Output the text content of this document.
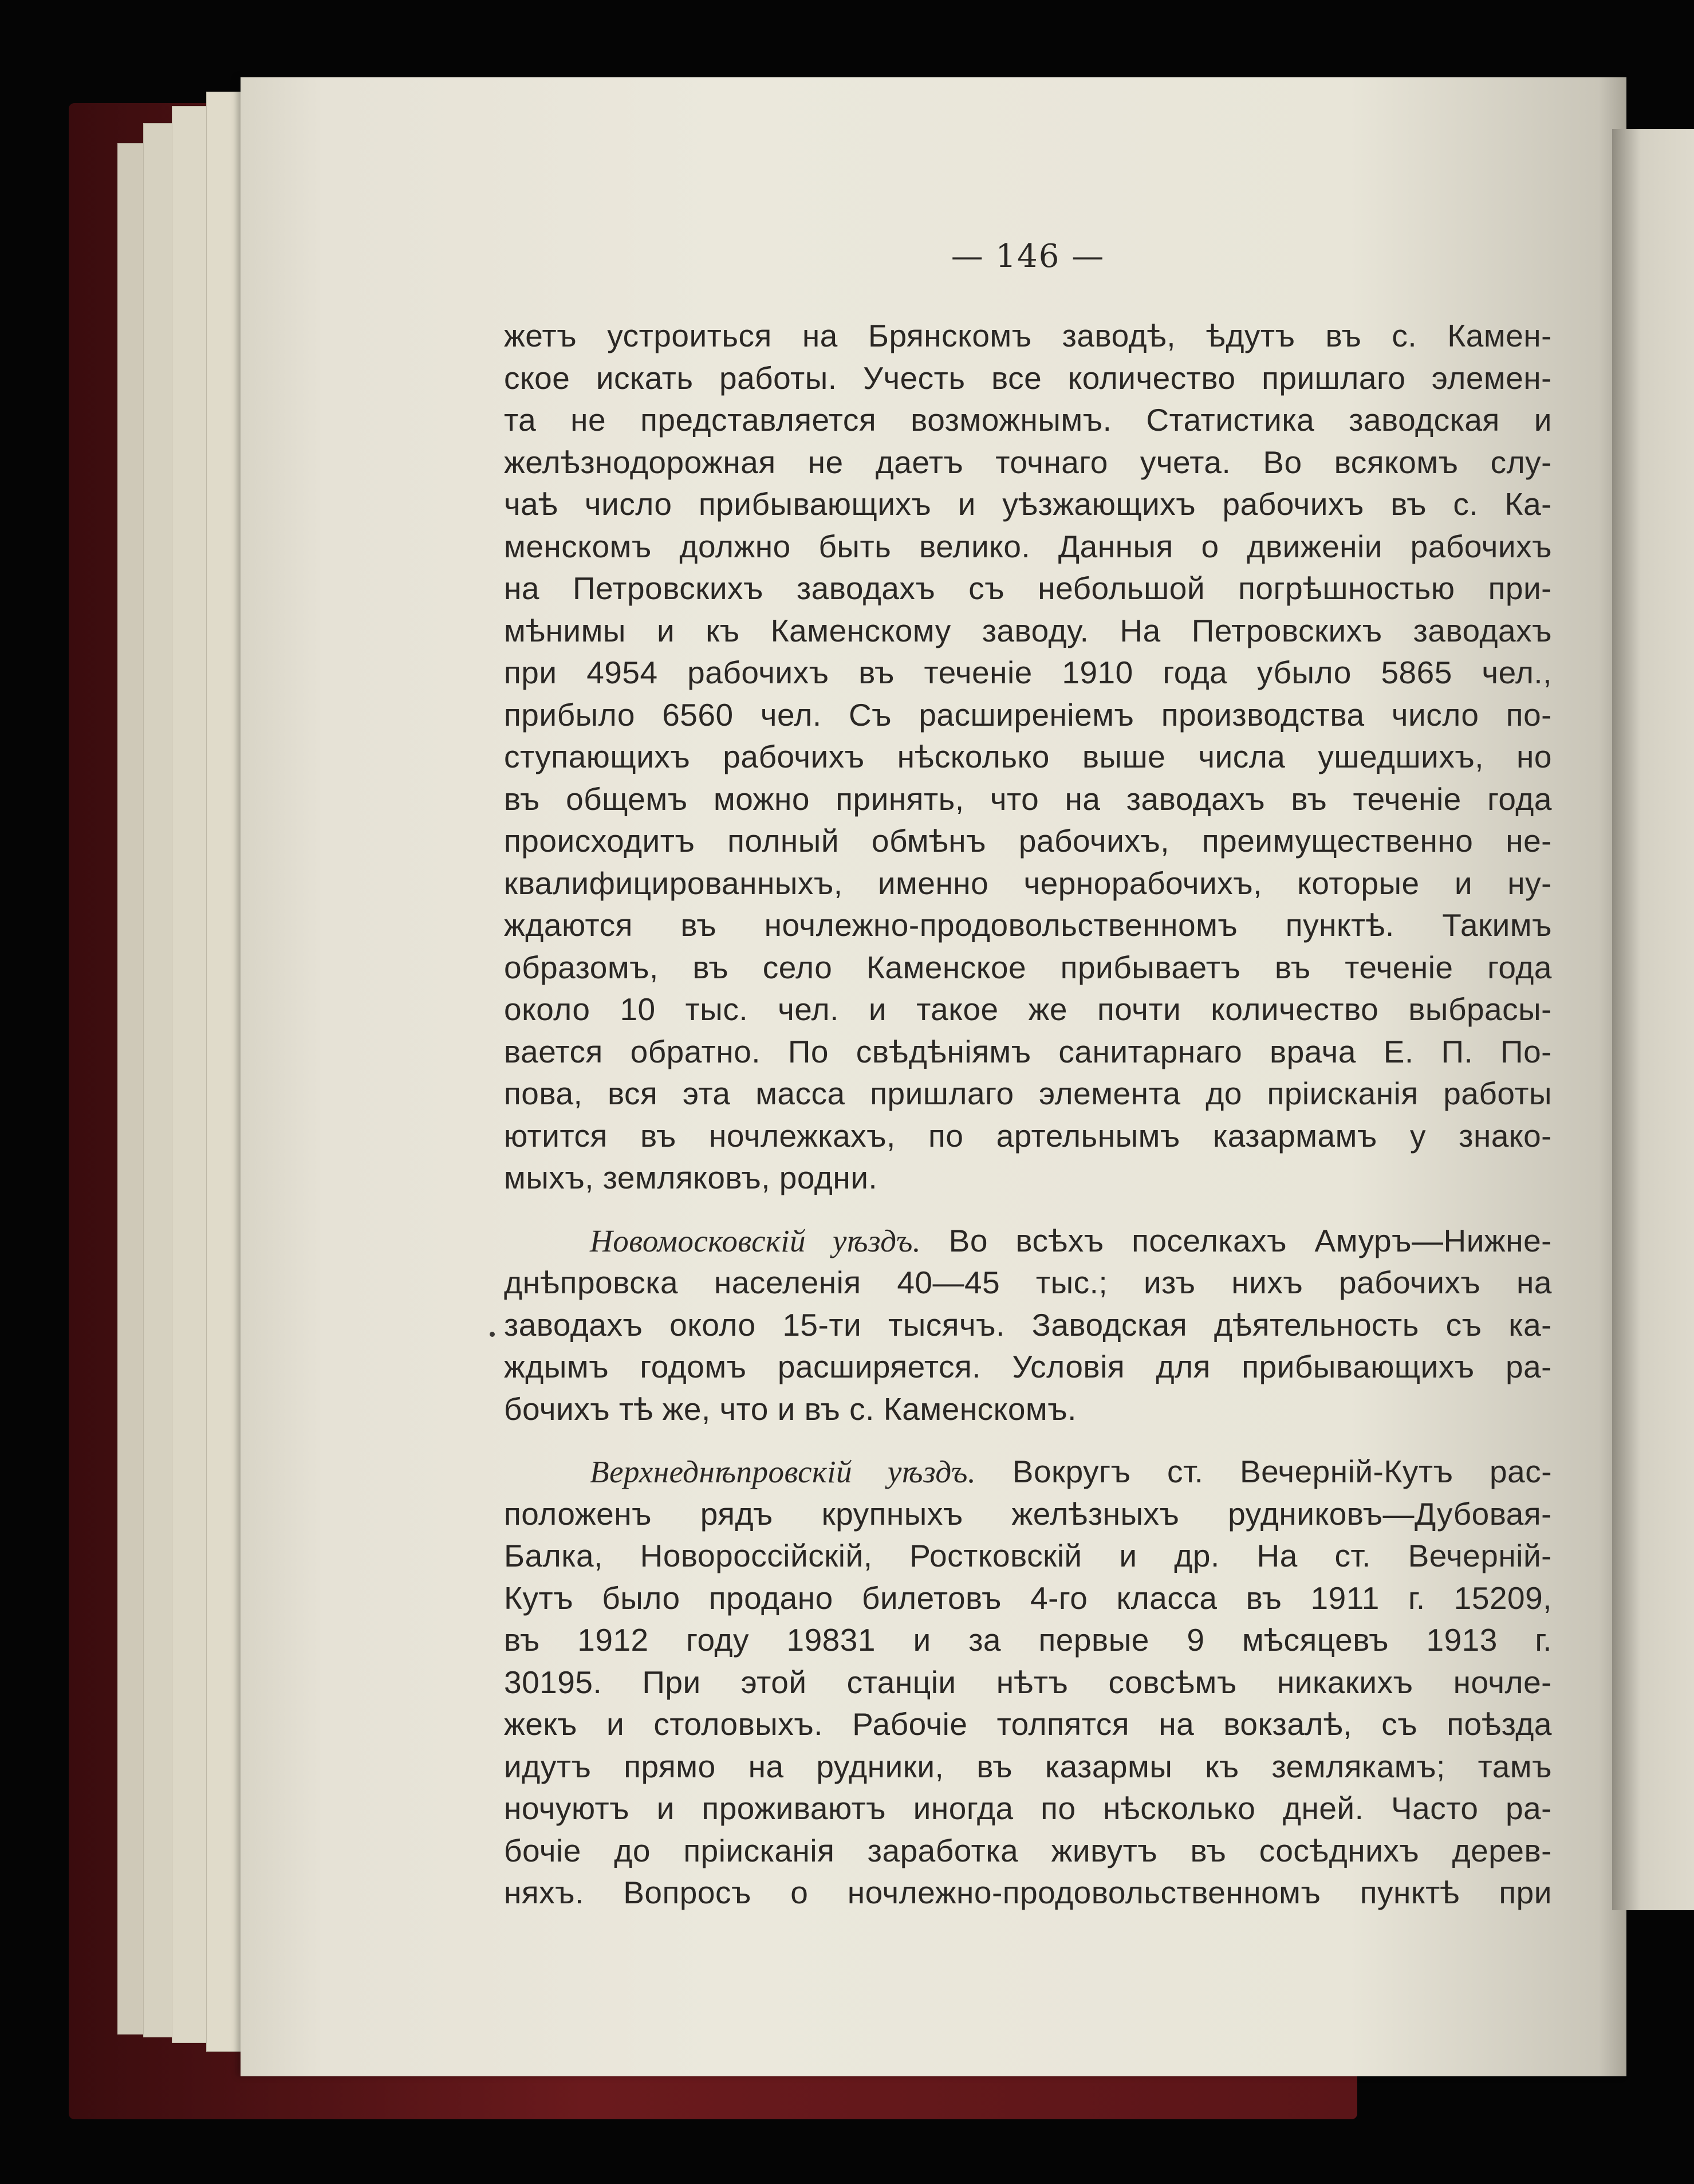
— 146 —
жетъ устроиться на Брянскомъ заводѣ, ѣдутъ въ с. Камен-
ское искать работы. Учесть все количество пришлаго элемен-
та не представляется возможнымъ. Статистика заводская и
желѣзнодорожная не даетъ точнаго учета. Во всякомъ слу-
чаѣ число прибывающихъ и уѣзжающихъ рабочихъ въ с. Ка-
менскомъ должно быть велико. Данныя о движенiи рабочихъ
на Петровскихъ заводахъ съ небольшой погрѣшностью при-
мѣнимы и къ Каменскому заводу. На Петровскихъ заводахъ
при 4954 рабочихъ въ теченіе 1910 года убыло 5865 чел.,
прибыло 6560 чел. Съ расширеніемъ производства число по-
ступающихъ рабочихъ нѣсколько выше числа ушедшихъ, но
въ общемъ можно принять, что на заводахъ въ теченіе года
происходитъ полный обмѣнъ рабочихъ, преимущественно не-
квалифицированныхъ, именно чернорабочихъ, которые и ну-
ждаются въ ночлежно-продовольственномъ пунктѣ. Такимъ
образомъ, въ село Каменское прибываетъ въ теченіе года
около 10 тыс. чел. и такое же почти количество выбрасы-
вается обратно. По свѣдѣніямъ санитарнаго врача Е. П. По-
пова, вся эта масса пришлаго элемента до пріисканія работы
ютится въ ночлежкахъ, по артельнымъ казармамъ у знако-
мыхъ, земляковъ, родни.
Новомосковскій уѣздъ. Во всѣхъ поселкахъ Амуръ—Нижне-
днѣпровска населенія 40—45 тыс.; изъ нихъ рабочихъ на
заводахъ около 15-ти тысячъ. Заводская дѣятельность съ ка-
ждымъ годомъ расширяется. Условія для прибывающихъ ра-
бочихъ тѣ же, что и въ с. Каменскомъ.
Верхнеднѣпровскій уѣздъ. Вокругъ ст. Вечерній-Кутъ рас-
положенъ рядъ крупныхъ желѣзныхъ рудниковъ—Дубовая-
Балка, Новороссійскій, Ростковскій и др. На ст. Вечерній-
Кутъ было продано билетовъ 4-го класса въ 1911 г. 15209,
въ 1912 году 19831 и за первые 9 мѣсяцевъ 1913 г.
30195. При этой станціи нѣтъ совсѣмъ никакихъ ночле-
жекъ и столовыхъ. Рабочіе толпятся на вокзалѣ, съ поѣзда
идутъ прямо на рудники, въ казармы къ землякамъ; тамъ
ночуютъ и проживаютъ иногда по нѣсколько дней. Часто ра-
бочіе до пріисканія заработка живутъ въ сосѣднихъ дерев-
няхъ. Вопросъ о ночлежно-продовольственномъ пунктѣ при
